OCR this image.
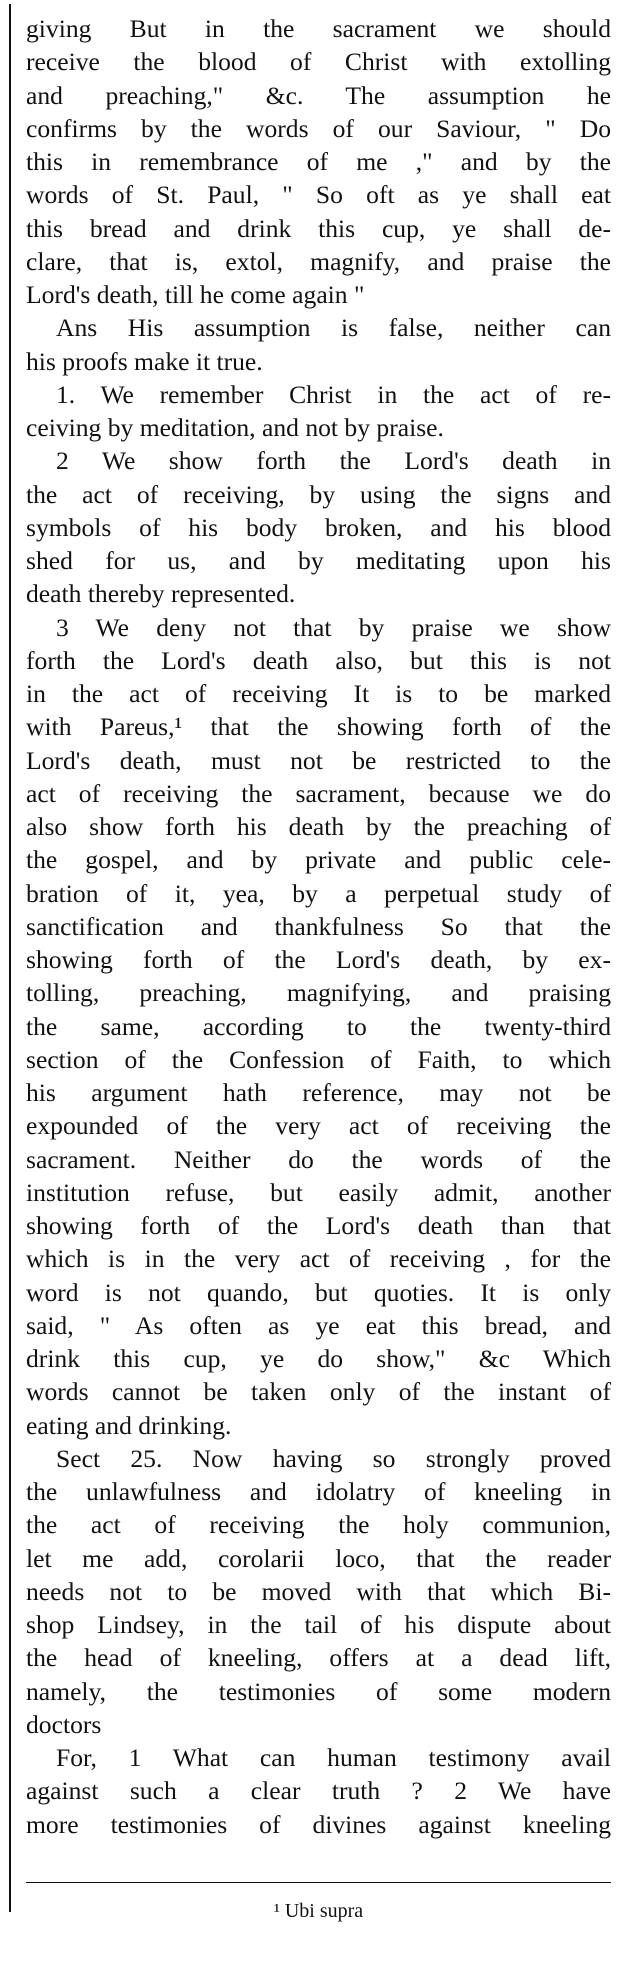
giving But in the sacrament we should
receive the blood of Christ with extolling
and preaching," &c. The assumption he
confirms by the words of our Saviour, " Do
this in remembrance of me ," and by the
words of St. Paul, " So oft as ye shall eat
this bread and drink this cup, ye shall de-
clare, that is, extol, magnify, and praise the
Lord's death, till he come again "
Ans His assumption is false, neither can
his proofs make it true.
1. We remember Christ in the act of re-
ceiving by meditation, and not by praise.
2 We show forth the Lord's death in
the act of receiving, by using the signs and
symbols of his body broken, and his blood
shed for us, and by meditating upon his
death thereby represented.
3 We deny not that by praise we show
forth the Lord's death also, but this is not
in the act of receiving It is to be marked
with Pareus,¹ that the showing forth of the
Lord's death, must not be restricted to the
act of receiving the sacrament, because we do
also show forth his death by the preaching of
the gospel, and by private and public cele-
bration of it, yea, by a perpetual study of
sanctification and thankfulness So that the
showing forth of the Lord's death, by ex-
tolling, preaching, magnifying, and praising
the same, according to the twenty-third
section of the Confession of Faith, to which
his argument hath reference, may not be
expounded of the very act of receiving the
sacrament. Neither do the words of the
institution refuse, but easily admit, another
showing forth of the Lord's death than that
which is in the very act of receiving , for the
word is not quando, but quoties. It is only
said, " As often as ye eat this bread, and
drink this cup, ye do show," &c Which
words cannot be taken only of the instant of
eating and drinking.
Sect 25. Now having so strongly proved
the unlawfulness and idolatry of kneeling in
the act of receiving the holy communion,
let me add, corolarii loco, that the reader
needs not to be moved with that which Bi-
shop Lindsey, in the tail of his dispute about
the head of kneeling, offers at a dead lift,
namely, the testimonies of some modern
doctors
For, 1 What can human testimony avail
against such a clear truth ? 2 We have
more testimonies of divines against kneeling
¹ Ubi supra
